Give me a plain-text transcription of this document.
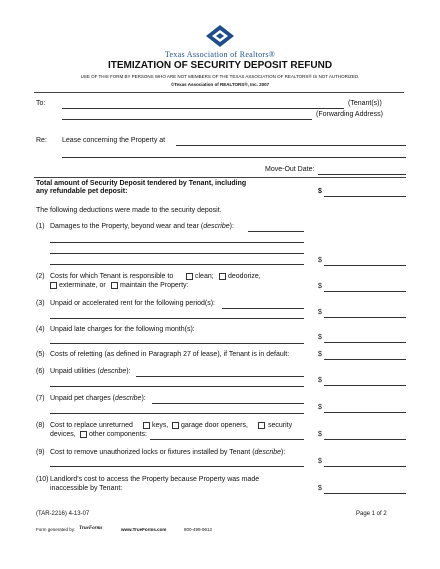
Texas Association of Realtors®
ITEMIZATION OF SECURITY DEPOSIT REFUND
USE OF THIS FORM BY PERSONS WHO ARE NOT MEMBERS OF THE TEXAS ASSOCIATION OF REALTORS® IS NOT AUTHORIZED.
©Texas Association of REALTORS®, Inc. 2007
To:	(Tenant(s))
(Forwarding Address)
Re: Lease concerning the Property at
Move-Out Date:
Total amount of Security Deposit tendered by Tenant, including
any refundable pet deposit:	$
The following deductions were made to the security deposit.
(1) Damages to the Property, beyond wear and tear (describe):
$
(2) Costs for which Tenant is responsible to	clean; deodorize,
exterminate, or maintain the Property:	$
(3) Unpaid or accelerated rent for the following period(s):
$
(4) Unpaid late charges for the following month(s):
$
(5) Costs of reletting (as defined in Paragraph 27 of lease), if Tenant is in default:	$
(6) Unpaid utilities (describe):
$
(7) Unpaid pet charges (describe):
$
(8) Cost to replace unreturned	keys, garage door openers,	security
devices, other components:	$
(9) Cost to remove unauthorized locks or fixtures installed by Tenant (describe):
$
(10) Landlord's cost to access the Property because Property was made
inaccessible by Tenant:	$
(TAR-2216) 4-13-07	Page 1 of 2
Form generated by: TrueForms	www.TrueForms.com	800-499-9612
